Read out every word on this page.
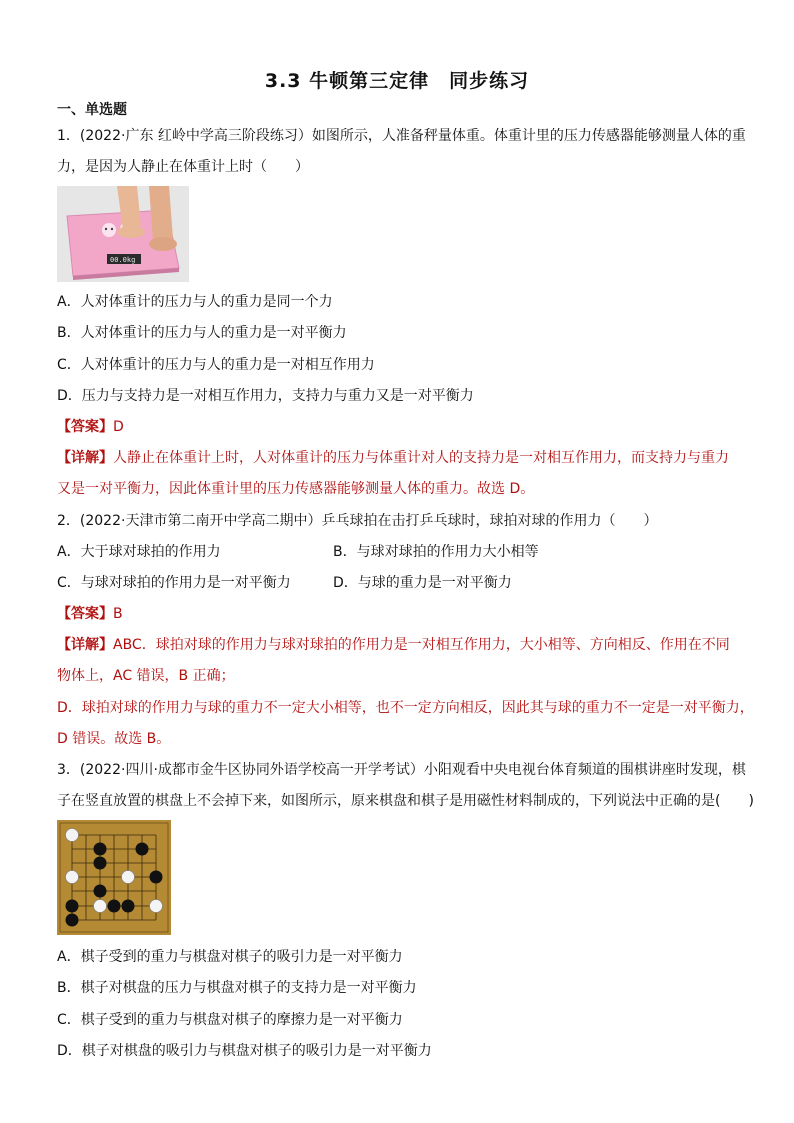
3.3 牛顿第三定律　同步练习
一、单选题
1．(2022·广东 红岭中学高三阶段练习）如图所示，人准备秤量体重。体重计里的压力传感器能够测量人体的重
力，是因为人静止在体重计上时（　　）
00.0kg
A．人对体重计的压力与人的重力是同一个力
B．人对体重计的压力与人的重力是一对平衡力
C．人对体重计的压力与人的重力是一对相互作用力
D．压力与支持力是一对相互作用力，支持力与重力又是一对平衡力
【答案】D
【详解】人静止在体重计上时，人对体重计的压力与体重计对人的支持力是一对相互作用力，而支持力与重力
又是一对平衡力，因此体重计里的压力传感器能够测量人体的重力。故选 D。
2．(2022·天津市第二南开中学高二期中）乒乓球拍在击打乒乓球时，球拍对球的作用力（　　）
A．大于球对球拍的作用力	B．与球对球拍的作用力大小相等
C．与球对球拍的作用力是一对平衡力	D．与球的重力是一对平衡力
【答案】B
【详解】ABC．球拍对球的作用力与球对球拍的作用力是一对相互作用力，大小相等、方向相反、作用在不同
物体上，AC 错误，B 正确；
D．球拍对球的作用力与球的重力不一定大小相等，也不一定方向相反，因此其与球的重力不一定是一对平衡力，
D 错误。故选 B。
3．(2022·四川·成都市金牛区协同外语学校高一开学考试）小阳观看中央电视台体育频道的围棋讲座时发现，棋
子在竖直放置的棋盘上不会掉下来，如图所示，原来棋盘和棋子是用磁性材料制成的，下列说法中正确的是(　　)
A．棋子受到的重力与棋盘对棋子的吸引力是一对平衡力
B．棋子对棋盘的压力与棋盘对棋子的支持力是一对平衡力
C．棋子受到的重力与棋盘对棋子的摩擦力是一对平衡力
D．棋子对棋盘的吸引力与棋盘对棋子的吸引力是一对平衡力
